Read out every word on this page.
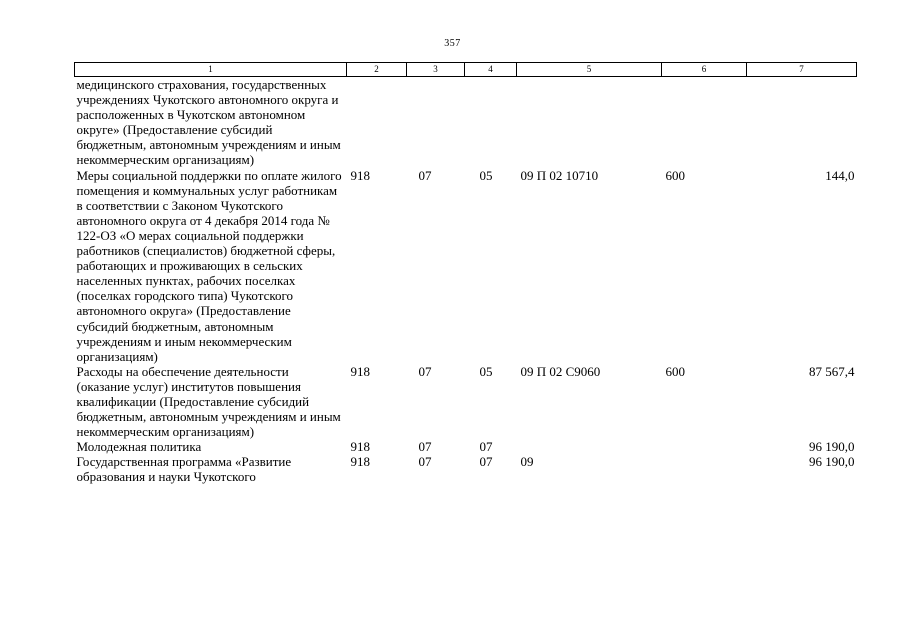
357
1	2	3	4	5	6	7
медицинского страхования, государственных учреждениях Чукотского автономного округа и расположенных в Чукотском автономном округе» (Предоставление субсидий бюджетным, автономным учреждениям и иным некоммерческим организациям)						
Меры социальной поддержки по оплате жилого помещения и коммунальных услуг работникам в соответствии с Законом Чукотского автономного округа от 4 декабря 2014 года № 122-ОЗ «О мерах социальной поддержки работников (специалистов) бюджетной сферы, работающих и проживающих в сельских населенных пунктах, рабочих поселках (поселках городского типа) Чукотского автономного округа» (Предоставление субсидий бюджетным, автономным учреждениям и иным некоммерческим организациям)	918	07	05	09 П 02 10710	600	144,0
Расходы на обеспечение деятельности (оказание услуг) институтов повышения квалификации (Предоставление субсидий бюджетным, автономным учреждениям и иным некоммерческим организациям)	918	07	05	09 П 02 С9060	600	87 567,4
Молодежная политика	918	07	07			96 190,0
Государственная программа «Развитие образования и науки Чукотского	918	07	07	09		96 190,0
